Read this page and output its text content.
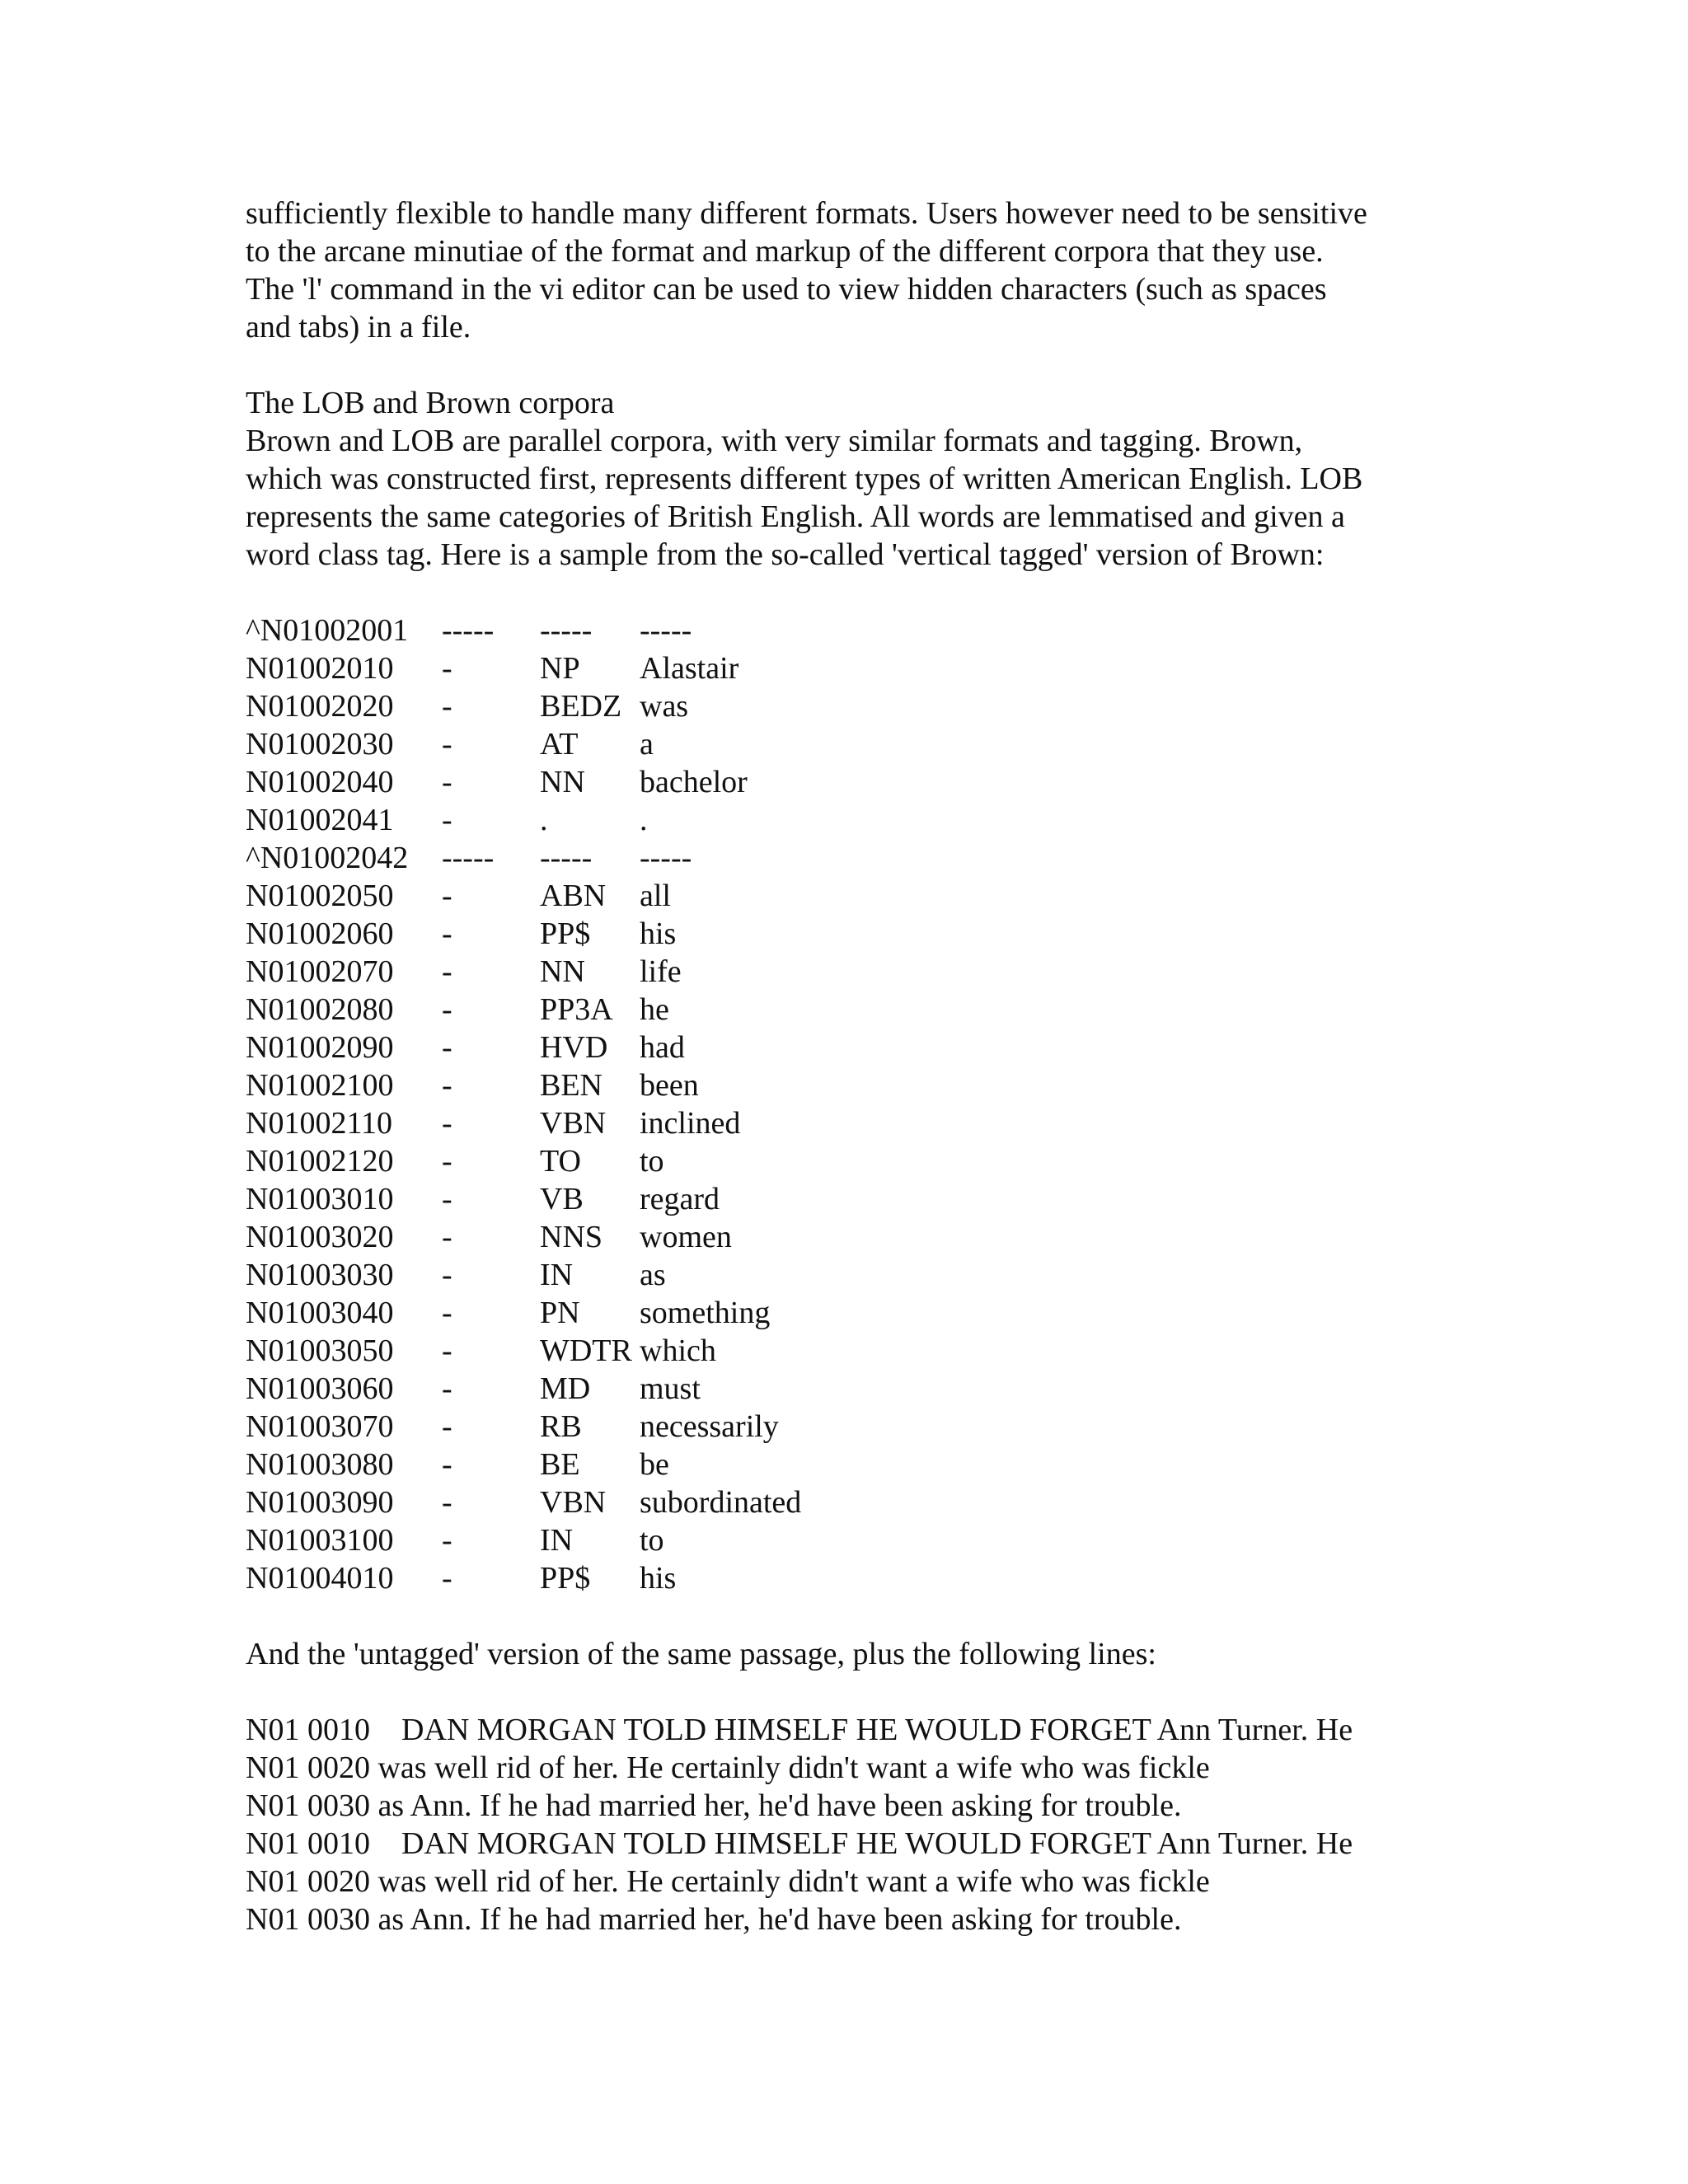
sufficiently flexible to handle many different formats. Users however need to be sensitive
to the arcane minutiae of the format and markup of the different corpora that they use.
The 'l' command in the vi editor can be used to view hidden characters (such as spaces
and tabs) in a file.
The LOB and Brown corpora
Brown and LOB are parallel corpora, with very similar formats and tagging. Brown,
which was constructed first, represents different types of written American English. LOB
represents the same categories of British English. All words are lemmatised and given a
word class tag. Here is a sample from the so-called 'vertical tagged' version of Brown:
^N01002001 ----- ----- -----
N01002010 -	NP Alastair
N01002020 -	BEDZ was
N01002030 -	AT a
N01002040 -	NN bachelor
N01002041 -	.	.
^N01002042 ----- ----- -----
N01002050 -	ABN all
N01002060 -	PP$ his
N01002070 -	NN life
N01002080 -	PP3A he
N01002090 -	HVD had
N01002100 -	BEN been
N01002110 -	VBN inclined
N01002120 -	TO to
N01003010 -	VB regard
N01003020 -	NNS women
N01003030 -	IN as
N01003040 -	PN something
N01003050 -	WDTR which
N01003060 -	MD must
N01003070 -	RB necessarily
N01003080 -	BE be
N01003090 -	VBN subordinated
N01003100 -	IN to
N01004010 -	PP$ his
And the 'untagged' version of the same passage, plus the following lines:
N01 0010    DAN MORGAN TOLD HIMSELF HE WOULD FORGET Ann Turner. He
N01 0020 was well rid of her. He certainly didn't want a wife who was fickle
N01 0030 as Ann. If he had married her, he'd have been asking for trouble.
N01 0010    DAN MORGAN TOLD HIMSELF HE WOULD FORGET Ann Turner. He
N01 0020 was well rid of her. He certainly didn't want a wife who was fickle
N01 0030 as Ann. If he had married her, he'd have been asking for trouble.
